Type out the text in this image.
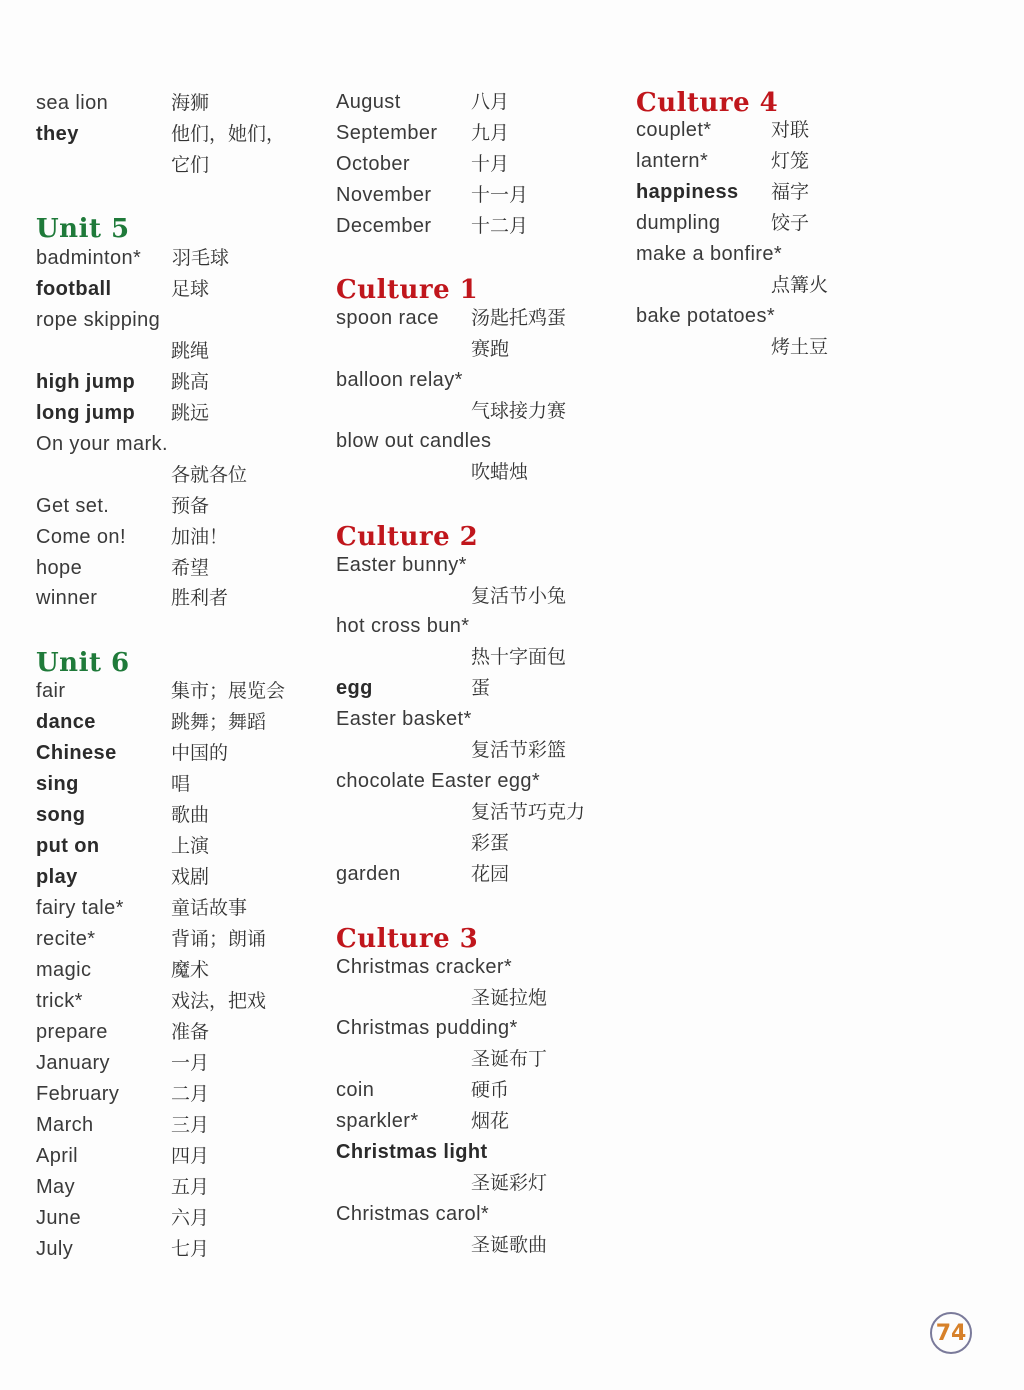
sea lion	海狮
they	他们，她们，
它们
Unit 5
badminton* 羽毛球
football	足球
rope skipping
跳绳
high jump 跳高
long jump 跳远
On your mark.
各就各位
Get set.	预备
Come on! 加油！
hope	希望
winner	胜利者
Unit 6
fair	集市；展览会
dance	跳舞；舞蹈
Chinese	中国的
sing	唱
song	歌曲
put on	上演
play	戏剧
fairy tale* 童话故事
recite*	背诵；朗诵
magic	魔术
trick*	戏法，把戏
prepare	准备
January	一月
February	二月
March	三月
April	四月
May	五月
June	六月
July	七月
August	八月
September 九月
October	十月
November 十一月
December 十二月
Culture 1
spoon race 汤匙托鸡蛋
赛跑
balloon relay*
气球接力赛
blow out candles
吹蜡烛
Culture 2
Easter bunny*
复活节小兔
hot cross bun*
热十字面包
egg	蛋
Easter basket*
复活节彩篮
chocolate Easter egg*
复活节巧克力
彩蛋
garden	花园
Culture 3
Christmas cracker*
圣诞拉炮
Christmas pudding*
圣诞布丁
coin	硬币
sparkler*	烟花
Christmas light
圣诞彩灯
Christmas carol*
圣诞歌曲
Culture 4
couplet*	对联
lantern*	灯笼
happiness 福字
dumpling	饺子
make a bonfire*
点篝火
bake potatoes*
烤土豆
74
